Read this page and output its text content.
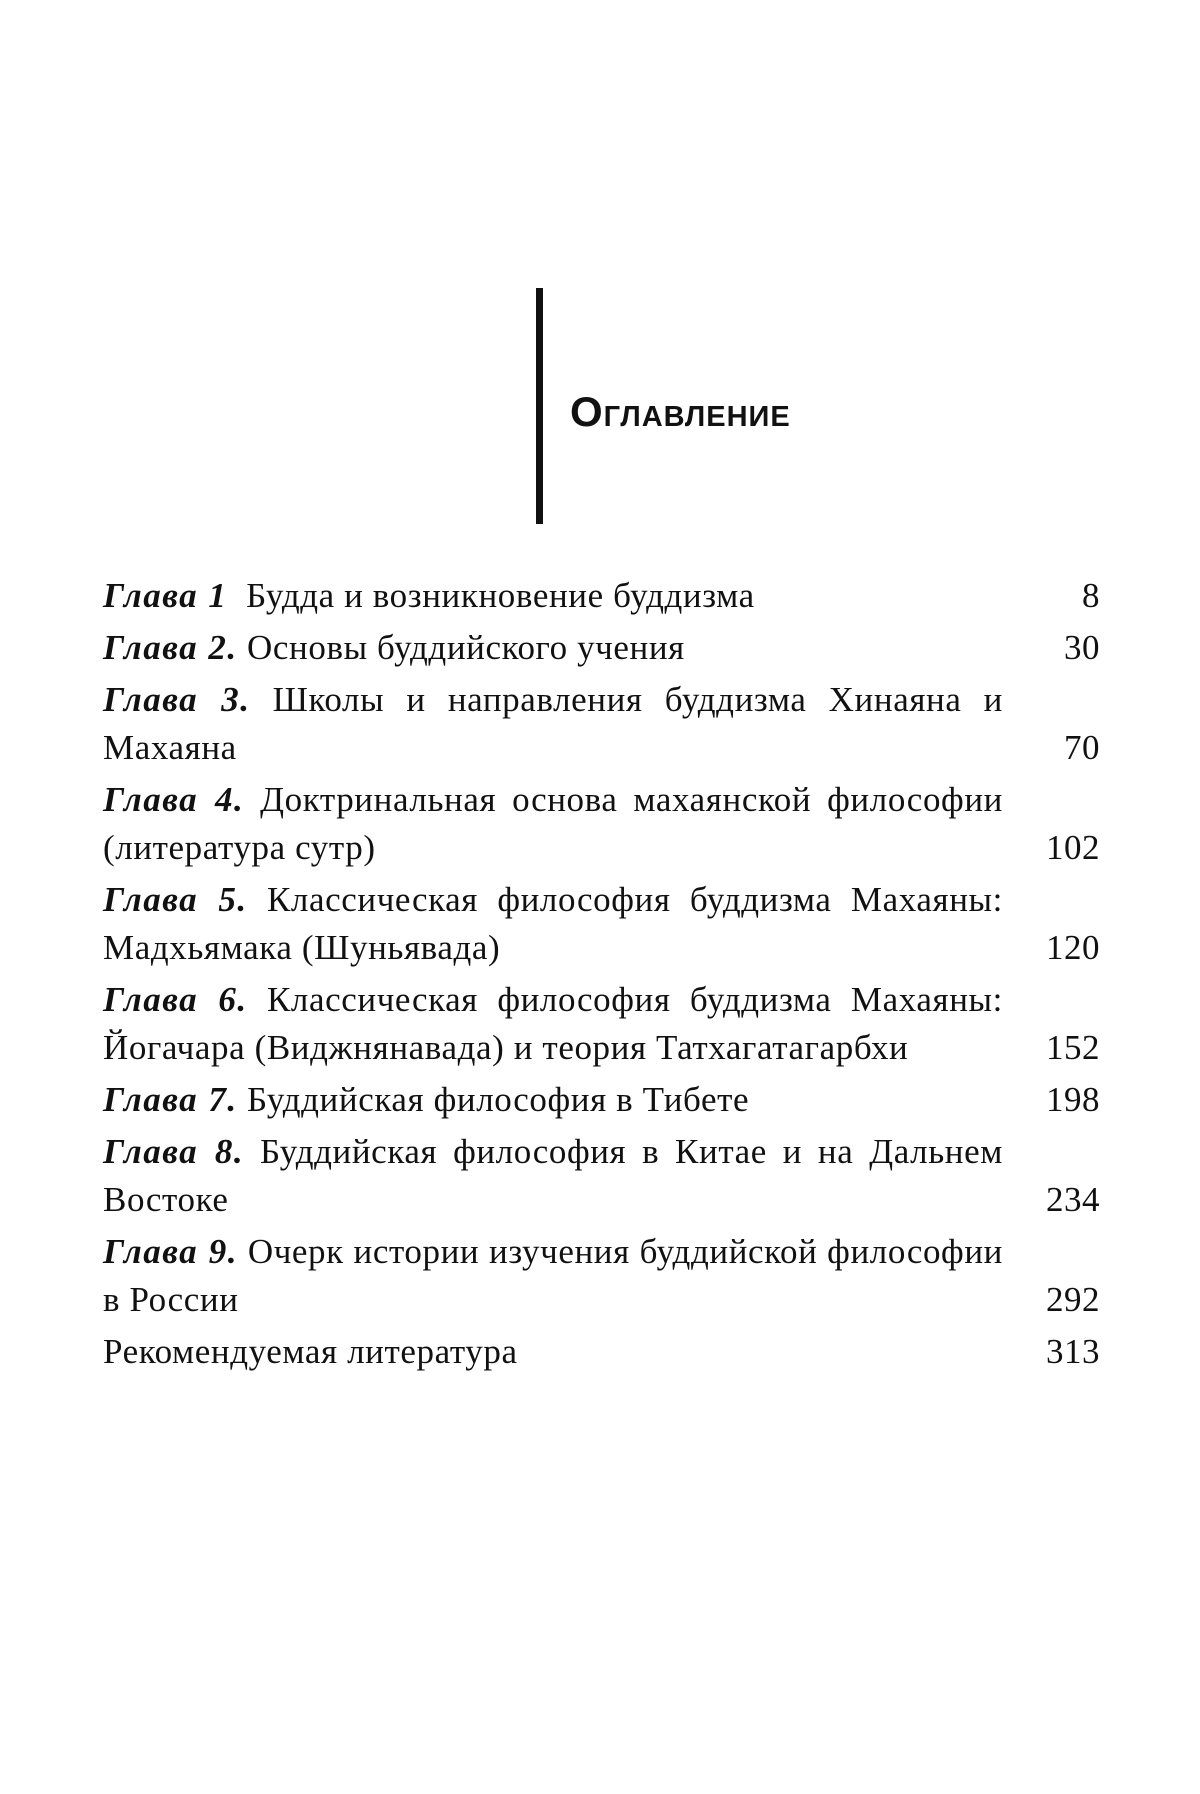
Оглавление
Глава 1 Будда и возникновение буддизма	8
Глава 2. Основы буддийского учения	30
Глава 3. Школы и направления буддизма Хинаяна и Махаяна	70
Глава 4. Доктринальная основа махаянской философии (литература сутр)	102
Глава 5. Классическая философия буддизма Махаяны: Мадхьямака (Шуньявада)	120
Глава 6. Классическая философия буддизма Махаяны: Йогачара (Виджнянавада) и теория Татхагатагарбхи	152
Глава 7. Буддийская философия в Тибете	198
Глава 8. Буддийская философия в Китае и на Дальнем Востоке	234
Глава 9. Очерк истории изучения буддийской философии в России	292
Рекомендуемая литература	313
